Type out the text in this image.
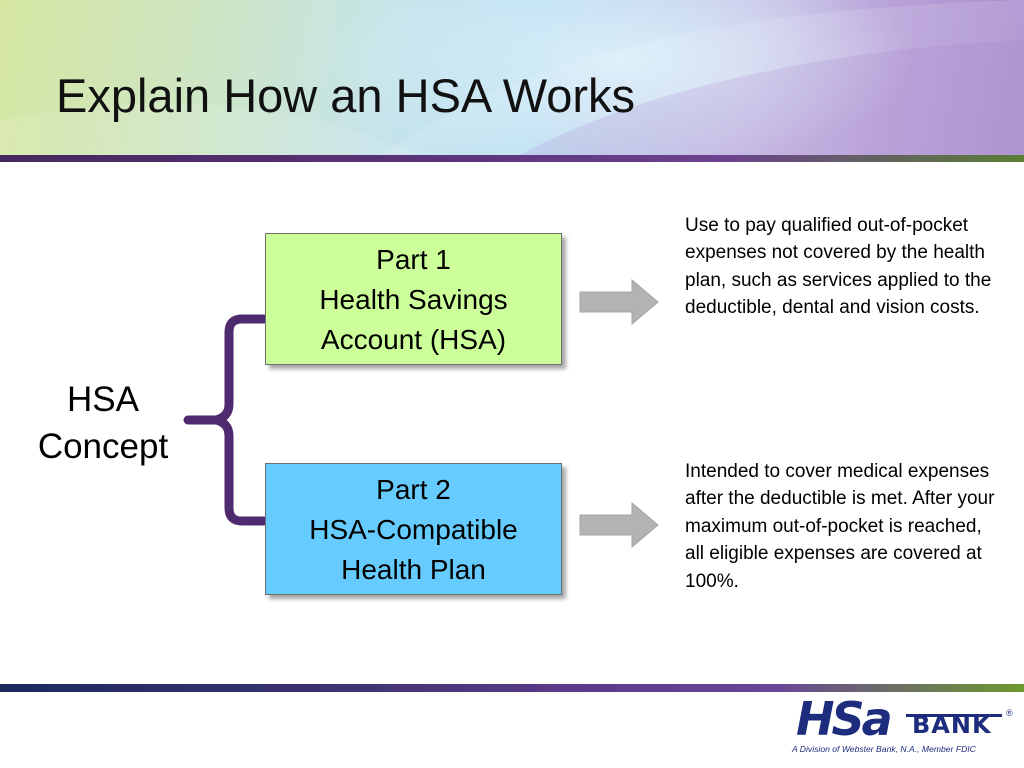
Explain How an HSA Works

HSA
Concept

Part 1
Health Savings
Account (HSA)
Part 2
HSA-Compatible
Health Plan

Use to pay qualified out-of-pocket expenses not covered by the health plan, such as services applied to the deductible, dental and vision costs.

Intended to cover medical expenses after the deductible is met. After your maximum out-of-pocket is reached, all eligible expenses are covered at 100%.

HSa BANK ®
A Division of Webster Bank, N.A., Member FDIC
